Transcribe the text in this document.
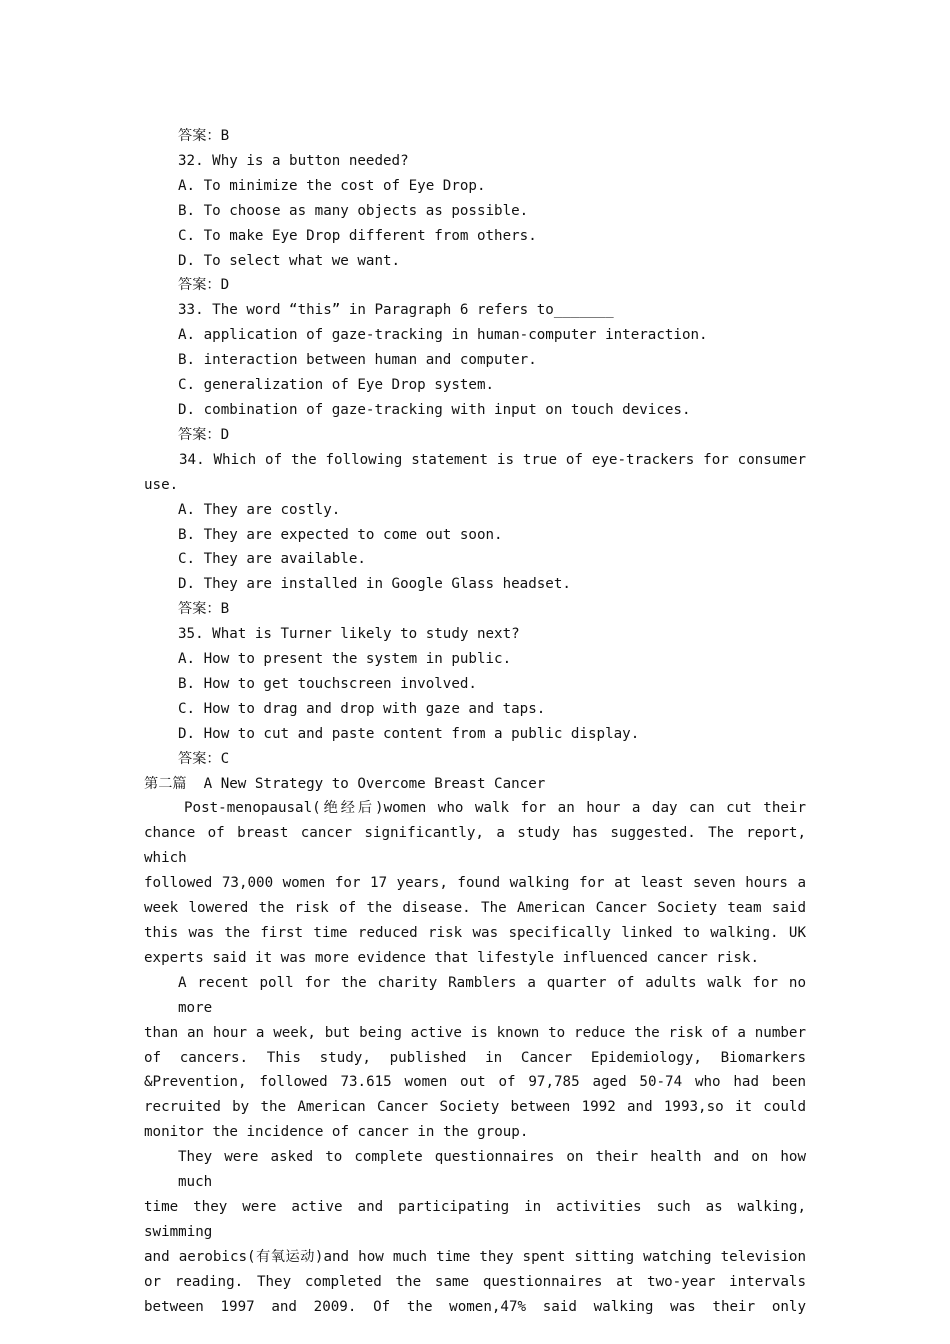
答案：B
32. Why is a button needed?
A. To minimize the cost of Eye Drop.
B. To choose as many objects as possible.
C. To make Eye Drop different from others.
D. To select what we want.
答案：D
33. The word “this” in Paragraph 6 refers to_______
A. application of gaze-tracking in human-computer interaction.
B. interaction between human and computer.
C. generalization of Eye Drop system.
D. combination of gaze-tracking with input on touch devices.
答案：D
34. Which of the following statement is true of eye-trackers for consumer
use.
A. They are costly.
B. They are expected to come out soon.
C. They are available.
D. They are installed in Google Glass headset.
答案：B
35. What is Turner likely to study next?
A. How to present the system in public.
B. How to get touchscreen involved.
C. How to drag and drop with gaze and taps.
D. How to cut and paste content from a public display.
答案：C
第二篇  A New Strategy to Overcome Breast Cancer
Post-menopausal(绝经后)women who walk for an hour a day can cut their
chance of breast cancer significantly, a study has suggested. The report, which
followed 73,000 women for 17 years, found walking for at least seven hours a
week lowered the risk of the disease. The American Cancer Society team said
this was the first time reduced risk was specifically linked to walking. UK
experts said it was more evidence that lifestyle influenced cancer risk.
A recent poll for the charity Ramblers a quarter of adults walk for no more
than an hour a week, but being active is known to reduce the risk of a number
of cancers. This study, published in Cancer Epidemiology, Biomarkers
&Prevention, followed 73.615 women out of 97,785 aged 50-74 who had been
recruited by the American Cancer Society between 1992 and 1993,so it could
monitor the incidence of cancer in the group.
They were asked to complete questionnaires on their health and on how much
time they were active and participating in activities such as walking, swimming
and aerobics(有氧运动)and how much time they spent sitting watching television
or reading. They completed the same questionnaires at two-year intervals
between 1997 and 2009. Of the women,47% said walking was their only
